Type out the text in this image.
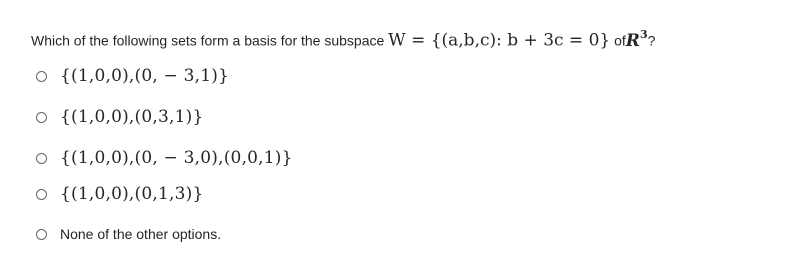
Which of the following sets form a basis for the subspace W = {(a,b,c): b + 3c = 0} ofR$^3$?
{(1,0,0),(0, − 3,1)}
{(1,0,0),(0,3,1)}
{(1,0,0),(0, − 3,0),(0,0,1)}
{(1,0,0),(0,1,3)}
None of the other options.
